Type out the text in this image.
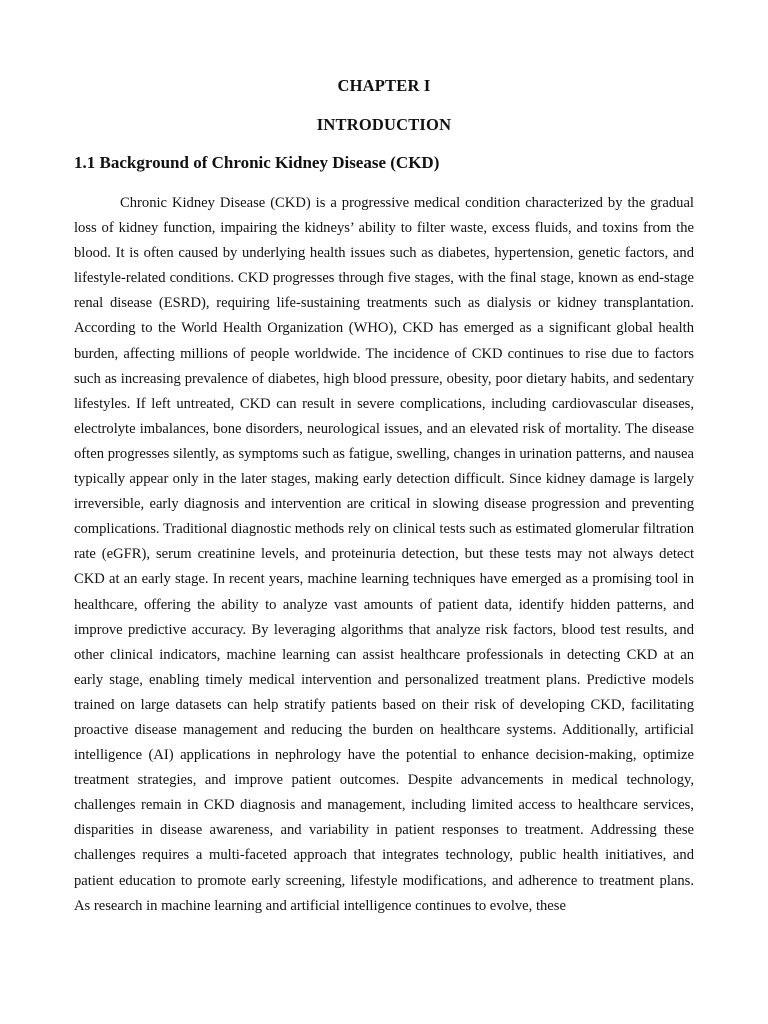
CHAPTER I
INTRODUCTION
1.1 Background of Chronic Kidney Disease (CKD)

Chronic Kidney Disease (CKD) is a progressive medical condition characterized by the gradual loss of kidney function, impairing the kidneys’ ability to filter waste, excess fluids, and toxins from the blood. It is often caused by underlying health issues such as diabetes, hypertension, genetic factors, and lifestyle-related conditions. CKD progresses through five stages, with the final stage, known as end-stage renal disease (ESRD), requiring life-sustaining treatments such as dialysis or kidney transplantation. According to the World Health Organization (WHO), CKD has emerged as a significant global health burden, affecting millions of people worldwide. The incidence of CKD continues to rise due to factors such as increasing prevalence of diabetes, high blood pressure, obesity, poor dietary habits, and sedentary lifestyles. If left untreated, CKD can result in severe complications, including cardiovascular diseases, electrolyte imbalances, bone disorders, neurological issues, and an elevated risk of mortality. The disease often progresses silently, as symptoms such as fatigue, swelling, changes in urination patterns, and nausea typically appear only in the later stages, making early detection difficult. Since kidney damage is largely irreversible, early diagnosis and intervention are critical in slowing disease progression and preventing complications. Traditional diagnostic methods rely on clinical tests such as estimated glomerular filtration rate (eGFR), serum creatinine levels, and proteinuria detection, but these tests may not always detect CKD at an early stage. In recent years, machine learning techniques have emerged as a promising tool in healthcare, offering the ability to analyze vast amounts of patient data, identify hidden patterns, and improve predictive accuracy. By leveraging algorithms that analyze risk factors, blood test results, and other clinical indicators, machine learning can assist healthcare professionals in detecting CKD at an early stage, enabling timely medical intervention and personalized treatment plans. Predictive models trained on large datasets can help stratify patients based on their risk of developing CKD, facilitating proactive disease management and reducing the burden on healthcare systems. Additionally, artificial intelligence (AI) applications in nephrology have the potential to enhance decision-making, optimize treatment strategies, and improve patient outcomes. Despite advancements in medical technology, challenges remain in CKD diagnosis and management, including limited access to healthcare services, disparities in disease awareness, and variability in patient responses to treatment. Addressing these challenges requires a multi-faceted approach that integrates technology, public health initiatives, and patient education to promote early screening, lifestyle modifications, and adherence to treatment plans. As research in machine learning and artificial intelligence continues to evolve, these
